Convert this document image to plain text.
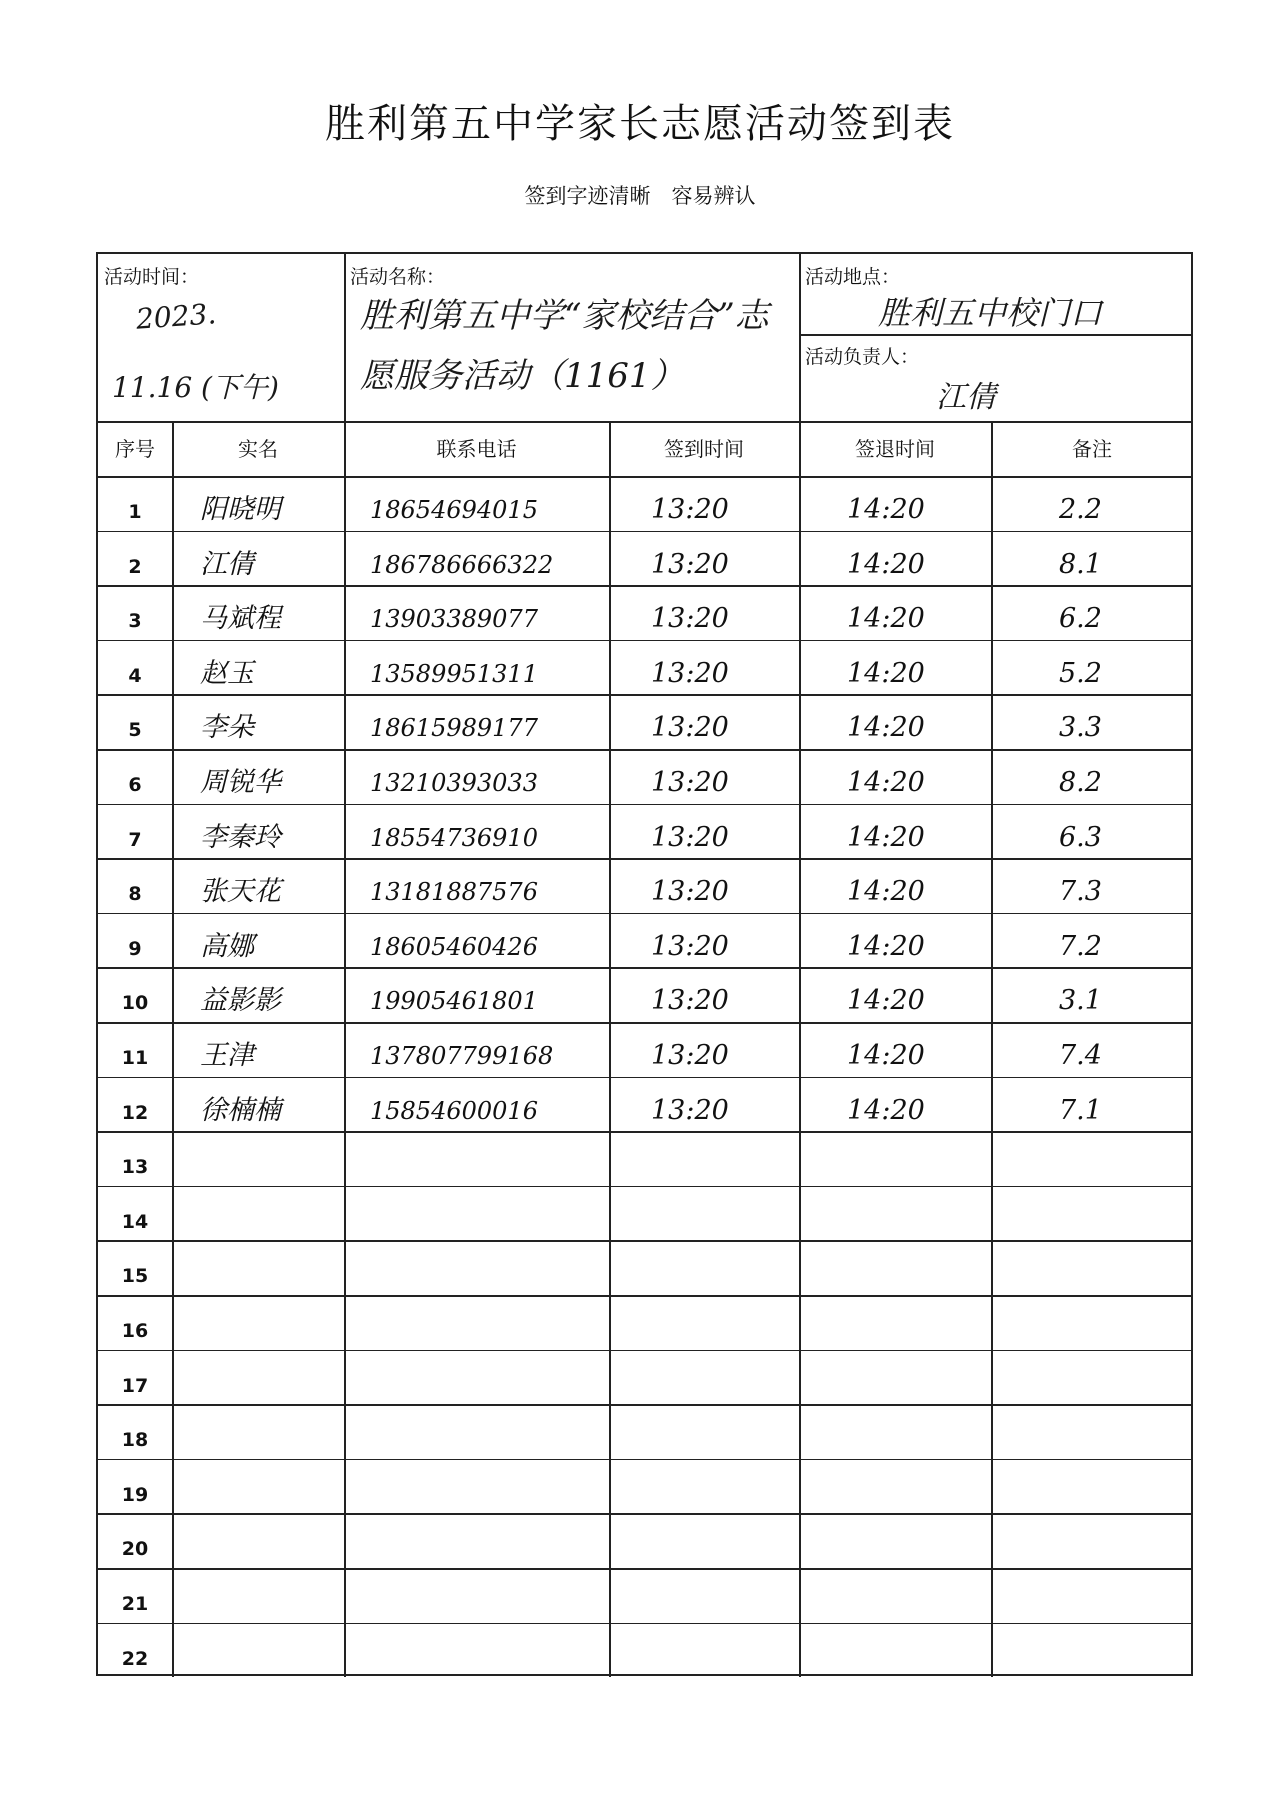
胜利第五中学家长志愿活动签到表
签到字迹清晰　容易辨认
活动时间：
2023.
11.16 (下午)
活动名称：
胜利第五中学“家校结合”志愿服务活动（1161）
活动地点：
胜利五中校门口
活动负责人：
江倩
序号	实名	联系电话	签到时间	签退时间	备注
1	阳晓明	18654694015	13:20	14:20	2.2
2	江倩	186786666322	13:20	14:20	8.1
3	马斌程	13903389077	13:20	14:20	6.2
4	赵玉	13589951311	13:20	14:20	5.2
5	李朵	18615989177	13:20	14:20	3.3
6	周锐华	13210393033	13:20	14:20	8.2
7	李秦玲	18554736910	13:20	14:20	6.3
8	张天花	13181887576	13:20	14:20	7.3
9	高娜	18605460426	13:20	14:20	7.2
10	益影影	19905461801	13:20	14:20	3.1
11	王津	137807799168	13:20	14:20	7.4
12	徐楠楠	15854600016	13:20	14:20	7.1
13
14
15
16
17
18
19
20
21
22
